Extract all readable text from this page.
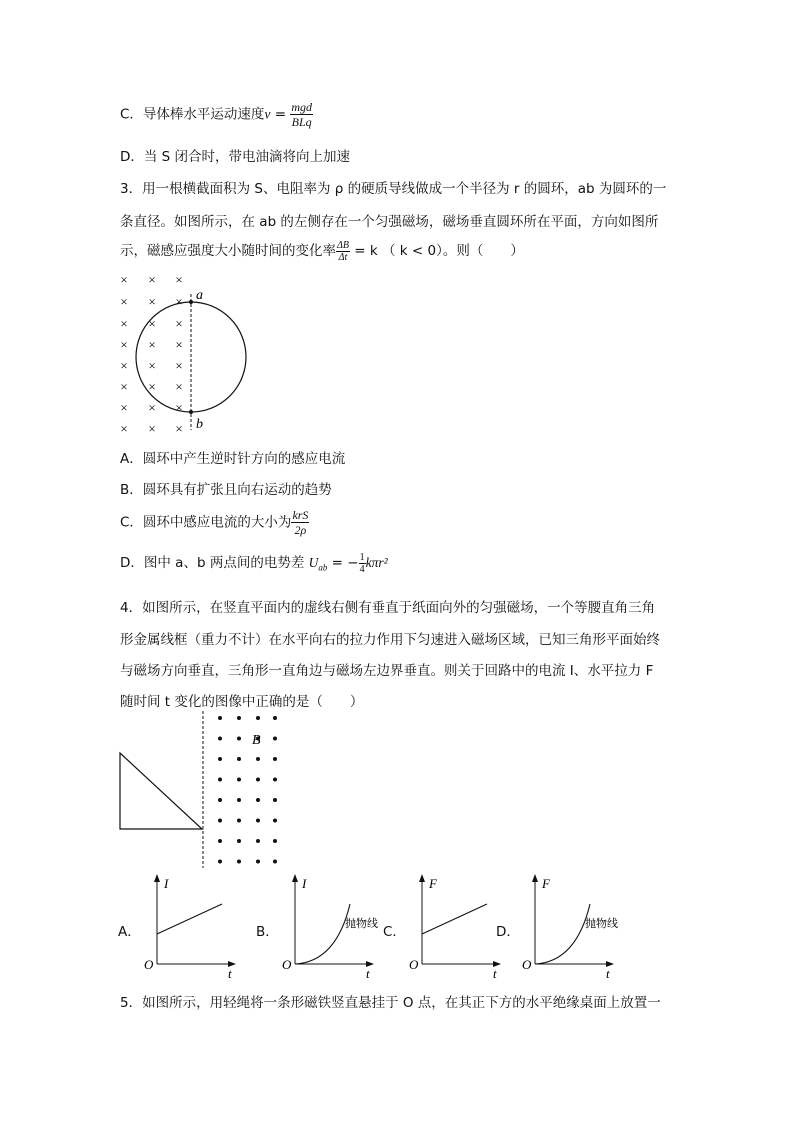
C．导体棒水平运动速度$v = \frac{\text{mgd}}{\text{BLq}}$
D．当 S 闭合时，带电油滴将向上加速
3．用一根横截面积为 S、电阻率为 ρ 的硬质导线做成一个半径为 r 的圆环，ab 为圆环的一
条直径。如图所示，在 ab 的左侧存在一个匀强磁场，磁场垂直圆环所在平面，方向如图所
示，磁感应强度大小随时间的变化率 $\frac{\Delta B}{\Delta t} = k$ （ k < 0）。则（　　）
× × ×
× × ×
× × ×
× × ×
× × ×
× × ×
× × ×
× × ×
a
b
A．圆环中产生逆时针方向的感应电流
B．圆环具有扩张且向右运动的趋势
C．圆环中感应电流的大小为 $\frac{\text{krS}}{2\rho}$
D．图中 a、b 两点间的电势差 $U_{ab}$ = − $\frac{1}{4} k\pi r^2$
4．如图所示，在竖直平面内的虚线右侧有垂直于纸面向外的匀强磁场，一个等腰直角三角
形金属线框（重力不计）在水平向右的拉力作用下匀速进入磁场区域，已知三角形平面始终
与磁场方向垂直，三角形一直角边与磁场左边界垂直。则关于回路中的电流 I、水平拉力 F
随时间 t 变化的图像中正确的是（　　）
B
A．
I
t
O
B．
I
t
O
抛物线 C．
F
t
O
D．
F
t
O
抛物线
5．如图所示，用轻绳将一条形磁铁竖直悬挂于 O 点，在其正下方的水平绝缘桌面上放置一
